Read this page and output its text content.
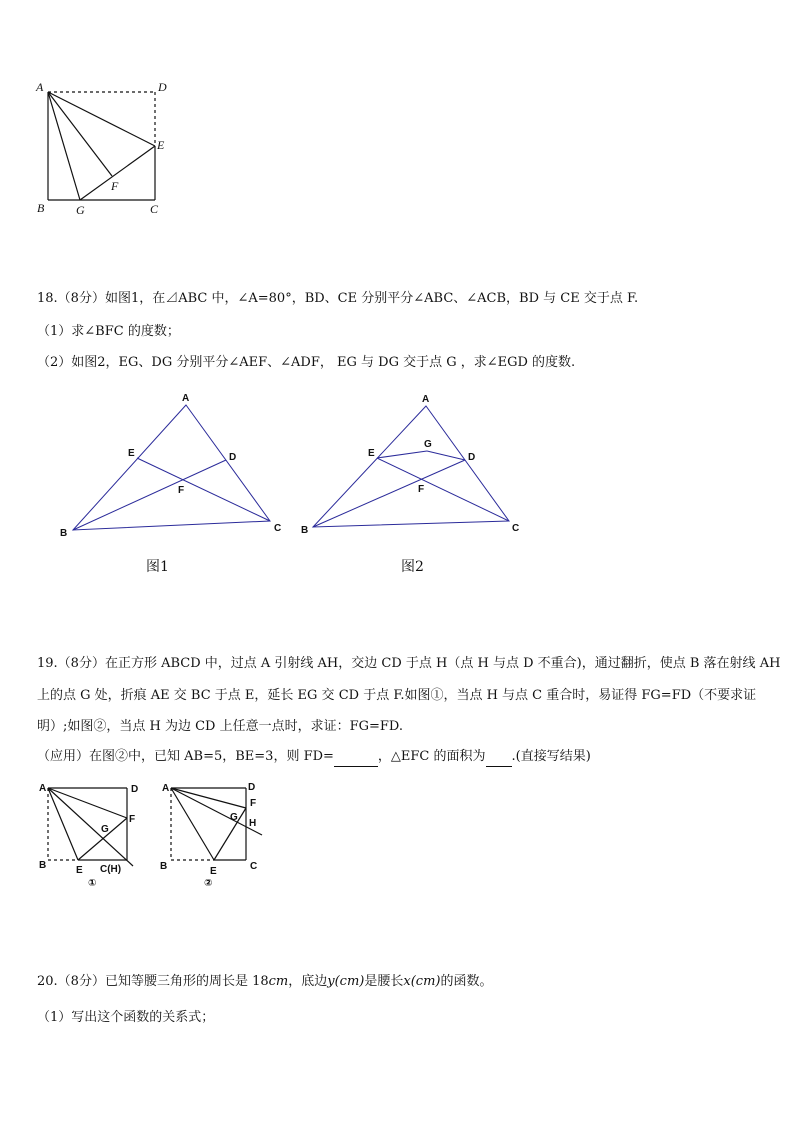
A	D
E
F
B	G	C
18.（8分）如图1，在⊿ABC 中，∠A=80°，BD、CE 分别平分∠ABC、∠ACB，BD 与 CE 交于点 F.
（1）求∠BFC 的度数；
（2）如图2，EG、DG 分别平分∠AEF、∠ADF， EG 与 DG 交于点 G ，求∠EGD 的度数.
A
E	D
F
B	C
图1
A
G
E	D
F
B	C
图2
19.（8分）在正方形 ABCD 中，过点 A 引射线 AH，交边 CD 于点 H（点 H 与点 D 不重合)，通过翻折，使点 B 落在射线 AH
上的点 G 处，折痕 AE 交 BC 于点 E，延长 EG 交 CD 于点 F.如图①，当点 H 与点 C 重合时，易证得 FG=FD（不要求证
明）;如图②，当点 H 为边 CD 上任意一点时，求证：FG=FD.
（应用）在图②中，已知 AB=5，BE=3，则 FD=	，△EFC 的面积为 .(直接写结果)
A	D
F
G
B	E C(H)
①
A	D
F
G
H
B	E	C
②
20.（8分）已知等腰三角形的周长是 18cm，底边y(cm)是腰长x(cm)的函数。
（1）写出这个函数的关系式；
